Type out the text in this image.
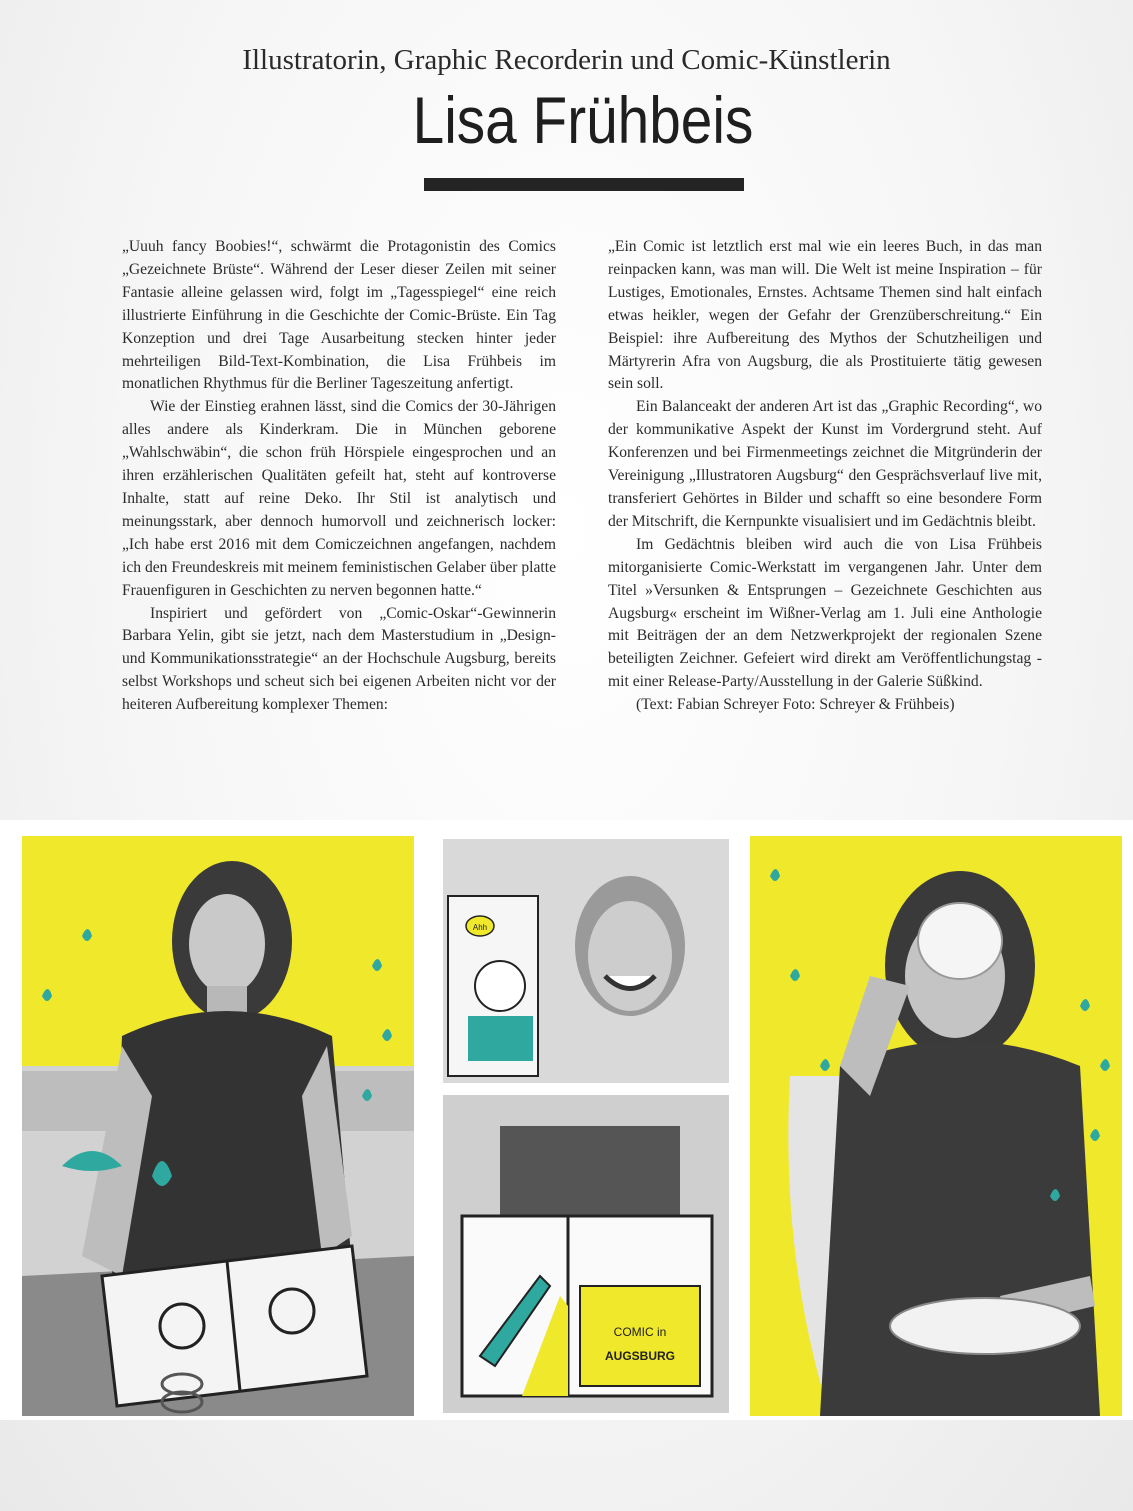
Illustratorin, Graphic Recorderin und Comic-Künstlerin
Lisa Frühbeis

„Uuuh fancy Boobies!“, schwärmt die Protagonistin des Comics „Gezeichnete Brüste“. Während der Leser dieser Zeilen mit seiner Fantasie alleine gelassen wird, folgt im „Tagesspiegel“ eine reich illustrierte Einführung in die Geschichte der Comic-Brüste. Ein Tag Konzeption und drei Tage Ausarbeitung stecken hinter jeder mehrteiligen Bild-Text-Kombination, die Lisa Frühbeis im monatlichen Rhythmus für die Berliner Tageszeitung anfertigt.

Wie der Einstieg erahnen lässt, sind die Comics der 30-Jährigen alles andere als Kinderkram. Die in München geborene „Wahlschwäbin“, die schon früh Hörspiele eingesprochen und an ihren erzählerischen Qualitäten gefeilt hat, steht auf kontroverse Inhalte, statt auf reine Deko. Ihr Stil ist analytisch und meinungsstark, aber dennoch humorvoll und zeichnerisch locker: „Ich habe erst 2016 mit dem Comiczeichnen angefangen, nachdem ich den Freundeskreis mit meinem feministischen Gelaber über platte Frauenfiguren in Geschichten zu nerven begonnen hatte.“

Inspiriert und gefördert von „Comic-Oskar“-Gewinnerin Barbara Yelin, gibt sie jetzt, nach dem Masterstudium in „Design- und Kommunikationsstrategie“ an der Hochschule Augsburg, bereits selbst Workshops und scheut sich bei eigenen Arbeiten nicht vor der heiteren Aufbereitung komplexer Themen:

„Ein Comic ist letztlich erst mal wie ein leeres Buch, in das man reinpacken kann, was man will. Die Welt ist meine Inspiration – für Lustiges, Emotionales, Ernstes. Achtsame Themen sind halt einfach etwas heikler, wegen der Gefahr der Grenzüberschreitung.“ Ein Beispiel: ihre Aufbereitung des Mythos der Schutzheiligen und Märtyrerin Afra von Augsburg, die als Prostituierte tätig gewesen sein soll.

Ein Balanceakt der anderen Art ist das „Graphic Recording“, wo der kommunikative Aspekt der Kunst im Vordergrund steht. Auf Konferenzen und bei Firmenmeetings zeichnet die Mitgründerin der Vereinigung „Illustratoren Augsburg“ den Gesprächsverlauf live mit, transferiert Gehörtes in Bilder und schafft so eine besondere Form der Mitschrift, die Kernpunkte visualisiert und im Gedächtnis bleibt.

Im Gedächtnis bleiben wird auch die von Lisa Frühbeis mitorganisierte Comic-Werkstatt im vergangenen Jahr. Unter dem Titel »Versunken & Entsprungen – Gezeichnete Geschichten aus Augsburg« erscheint im Wißner-Verlag am 1. Juli eine Anthologie mit Beiträgen der an dem Netzwerkprojekt der regionalen Szene beteiligten Zeichner. Gefeiert wird direkt am Veröffentlichungstag - mit einer Release-Party/Ausstellung in der Galerie Süßkind.

(Text: Fabian Schreyer Foto: Schreyer & Frühbeis)

COMIC in
AUGSBURG
Ahh
